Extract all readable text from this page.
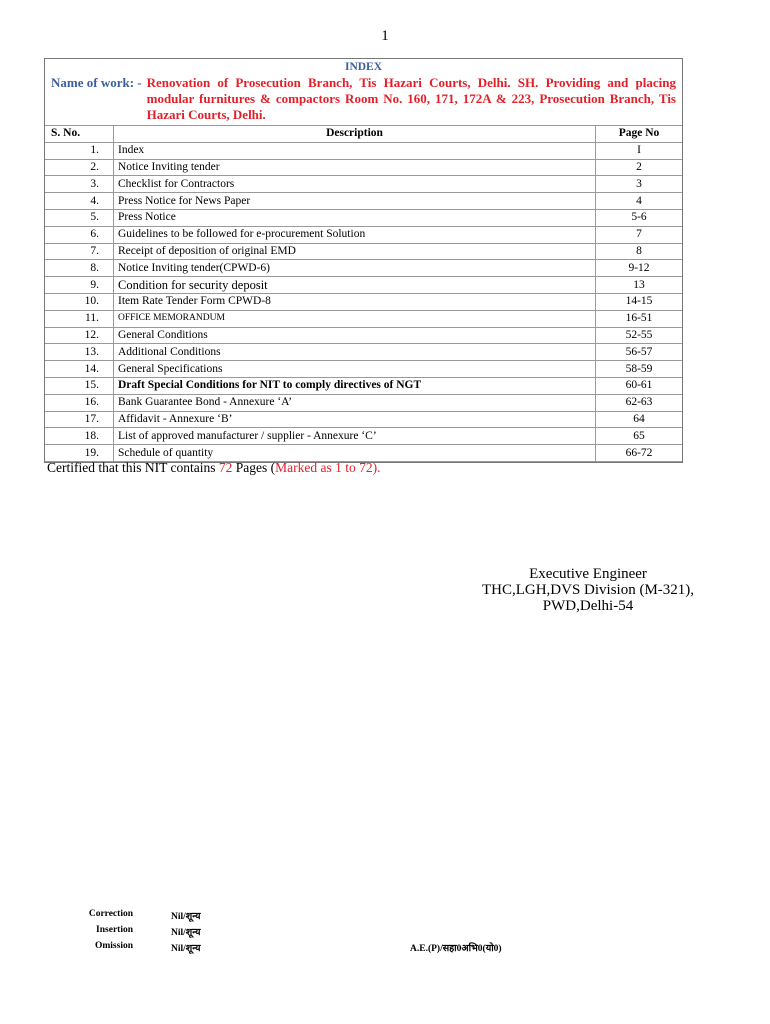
1
INDEX
Name of work: - Renovation of Prosecution Branch, Tis Hazari Courts, Delhi. SH. Providing and placing modular furnitures & compactors Room No. 160, 171, 172A & 223, Prosecution Branch, Tis Hazari Courts, Delhi.
S. No.	Description	Page No
1.	Index	I
2.	Notice Inviting tender	2
3.	Checklist for Contractors	3
4.	Press Notice for News Paper	4
5.	Press Notice	5-6
6.	Guidelines to be followed for e-procurement Solution	7
7.	Receipt of deposition of original EMD	8
8.	Notice Inviting tender(CPWD-6)	9-12
9.	Condition for security deposit	13
10.	Item Rate Tender Form CPWD-8	14-15
11.	OFFICE MEMORANDUM	16-51
12.	General Conditions	52-55
13.	Additional Conditions	56-57
14.	General Specifications	58-59
15.	Draft Special Conditions for NIT to comply directives of NGT	60-61
16.	Bank Guarantee Bond - Annexure ‘A’	62-63
17.	Affidavit - Annexure ‘B’	64
18.	List of approved manufacturer / supplier - Annexure ‘C’	65
19.	Schedule of quantity	66-72
Certified that this NIT contains 72 Pages (Marked as 1 to 72).
Executive Engineer
THC,LGH,DVS Division (M-321),
PWD,Delhi-54
Correction	Nil/शून्य
Insertion	Nil/शून्य
Omission	Nil/शून्य	A.E.(P)/सहा0अभि0(यो0)
